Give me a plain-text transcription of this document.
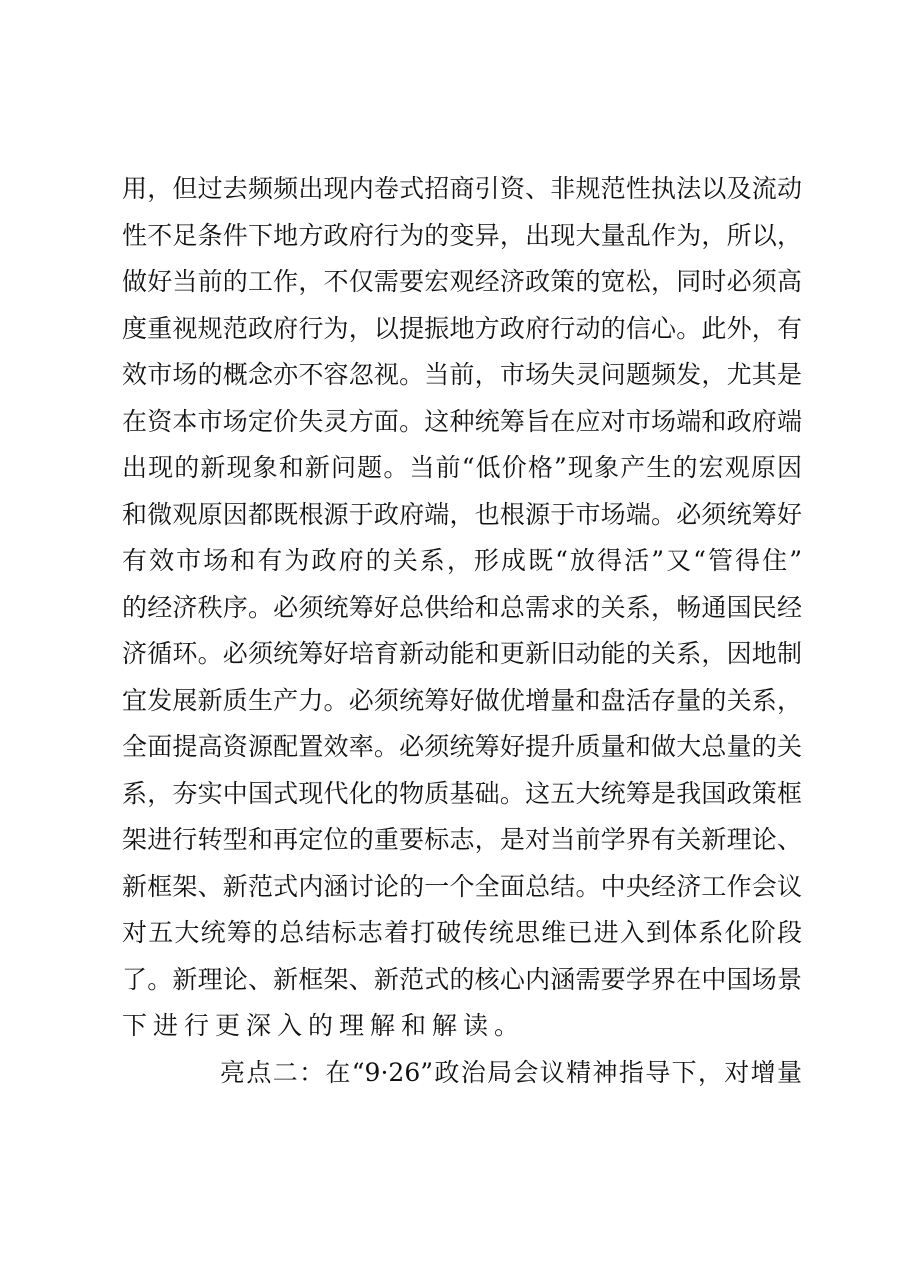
用，但过去频频出现内卷式招商引资、非规范性执法以及流动
性不足条件下地方政府行为的变异，出现大量乱作为，所以，
做好当前的工作，不仅需要宏观经济政策的宽松，同时必须高
度重视规范政府行为，以提振地方政府行动的信心。此外，有
效市场的概念亦不容忽视。当前，市场失灵问题频发，尤其是
在资本市场定价失灵方面。这种统筹旨在应对市场端和政府端
出现的新现象和新问题。当前“低价格”现象产生的宏观原因
和微观原因都既根源于政府端，也根源于市场端。必须统筹好
有效市场和有为政府的关系，形成既“放得活”又“管得住”
的经济秩序。必须统筹好总供给和总需求的关系，畅通国民经
济循环。必须统筹好培育新动能和更新旧动能的关系，因地制
宜发展新质生产力。必须统筹好做优增量和盘活存量的关系，
全面提高资源配置效率。必须统筹好提升质量和做大总量的关
系，夯实中国式现代化的物质基础。这五大统筹是我国政策框
架进行转型和再定位的重要标志，是对当前学界有关新理论、
新框架、新范式内涵讨论的一个全面总结。中央经济工作会议
对五大统筹的总结标志着打破传统思维已进入到体系化阶段
了。新理论、新框架、新范式的核心内涵需要学界在中国场景
下进行更深入的理解和解读。
亮点二：在“9·26”政治局会议精神指导下，对增量
